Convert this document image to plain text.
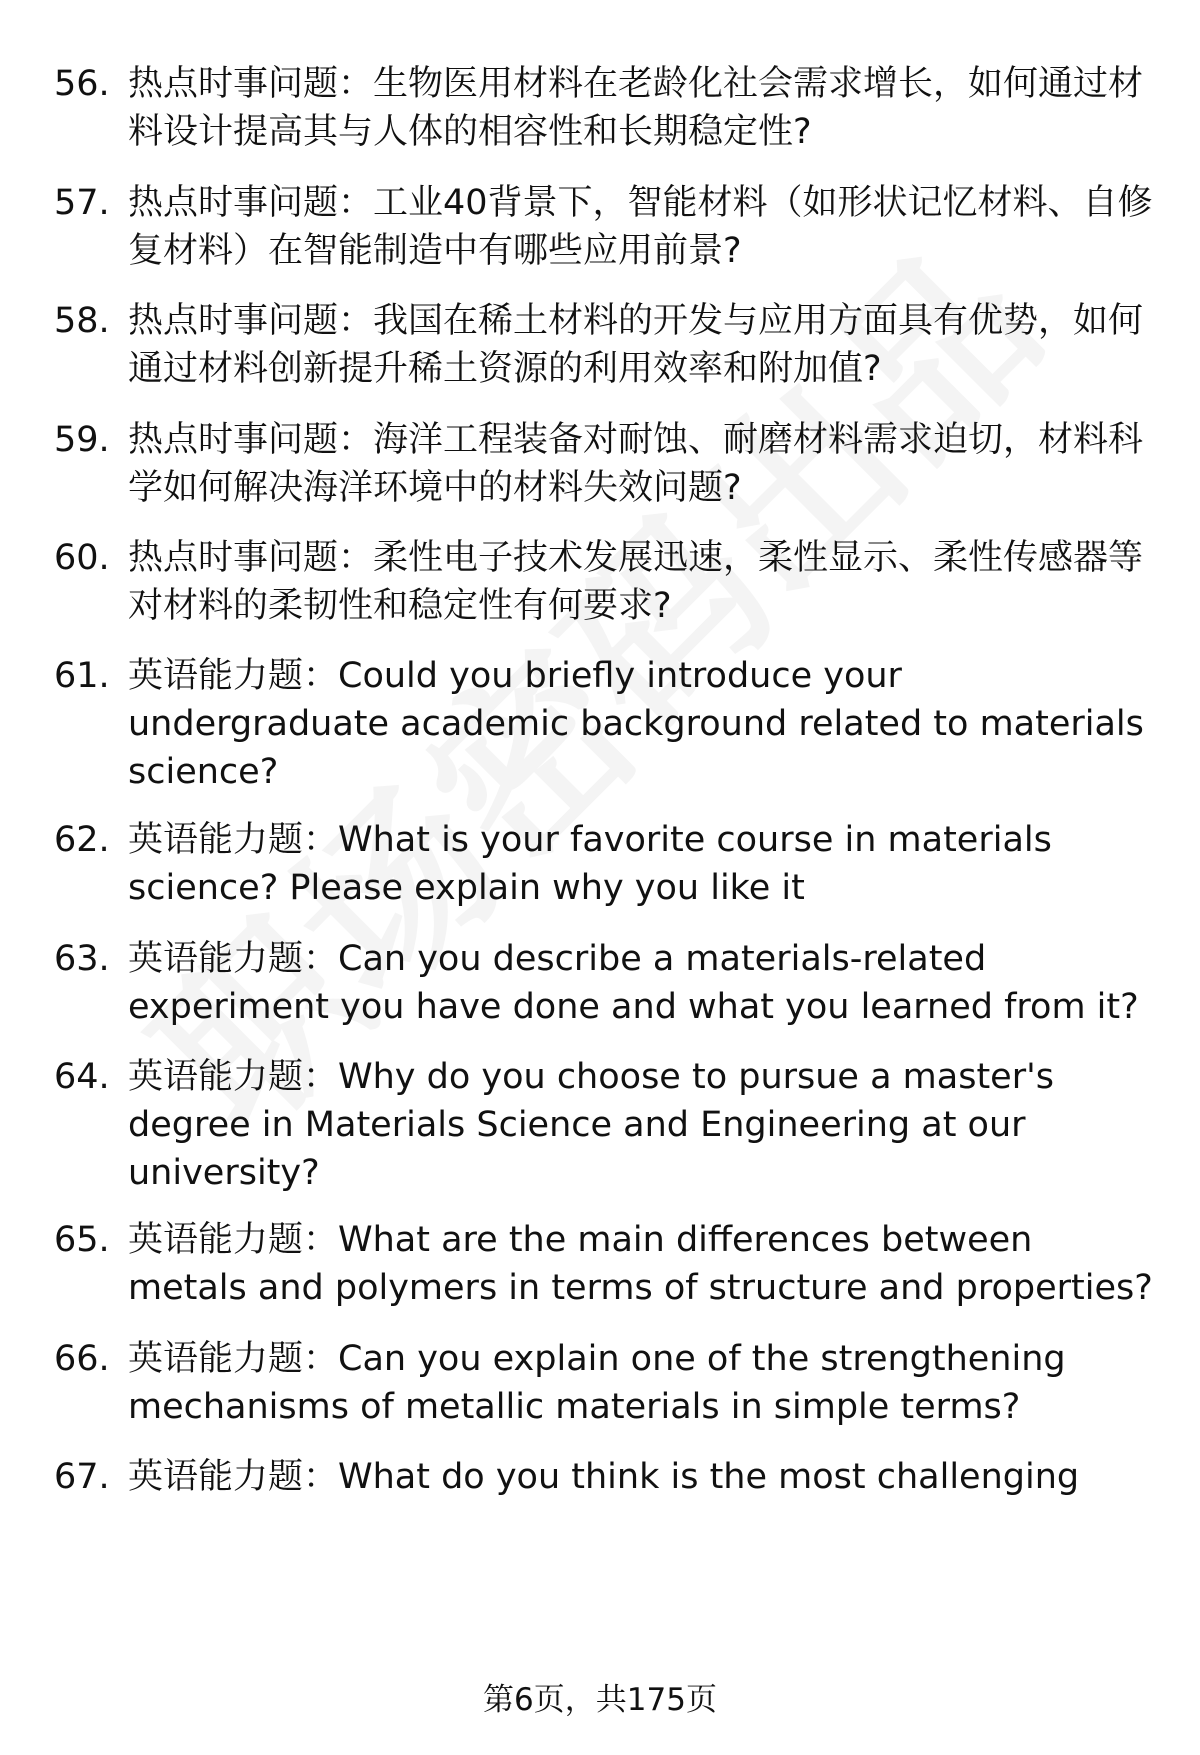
56. 热点时事问题：生物医用材料在老龄化社会需求增长，如何通过材料设计提高其与人体的相容性和长期稳定性?
57. 热点时事问题：工业40背景下，智能材料（如形状记忆材料、自修复材料）在智能制造中有哪些应用前景?
58. 热点时事问题：我国在稀土材料的开发与应用方面具有优势，如何通过材料创新提升稀土资源的利用效率和附加值?
59. 热点时事问题：海洋工程装备对耐蚀、耐磨材料需求迫切，材料科学如何解决海洋环境中的材料失效问题?
60. 热点时事问题：柔性电子技术发展迅速，柔性显示、柔性传感器等对材料的柔韧性和稳定性有何要求?
61. 英语能力题：Could you briefly introduce your undergraduate academic background related to materials science?
62. 英语能力题：What is your favorite course in materials science? Please explain why you like it
63. 英语能力题：Can you describe a materials-related experiment you have done and what you learned from it?
64. 英语能力题：Why do you choose to pursue a master's degree in Materials Science and Engineering at our university?
65. 英语能力题：What are the main differences between metals and polymers in terms of structure and properties?
66. 英语能力题：Can you explain one of the strengthening mechanisms of metallic materials in simple terms?
67. 英语能力题：What do you think is the most challenging
第6页，共175页
